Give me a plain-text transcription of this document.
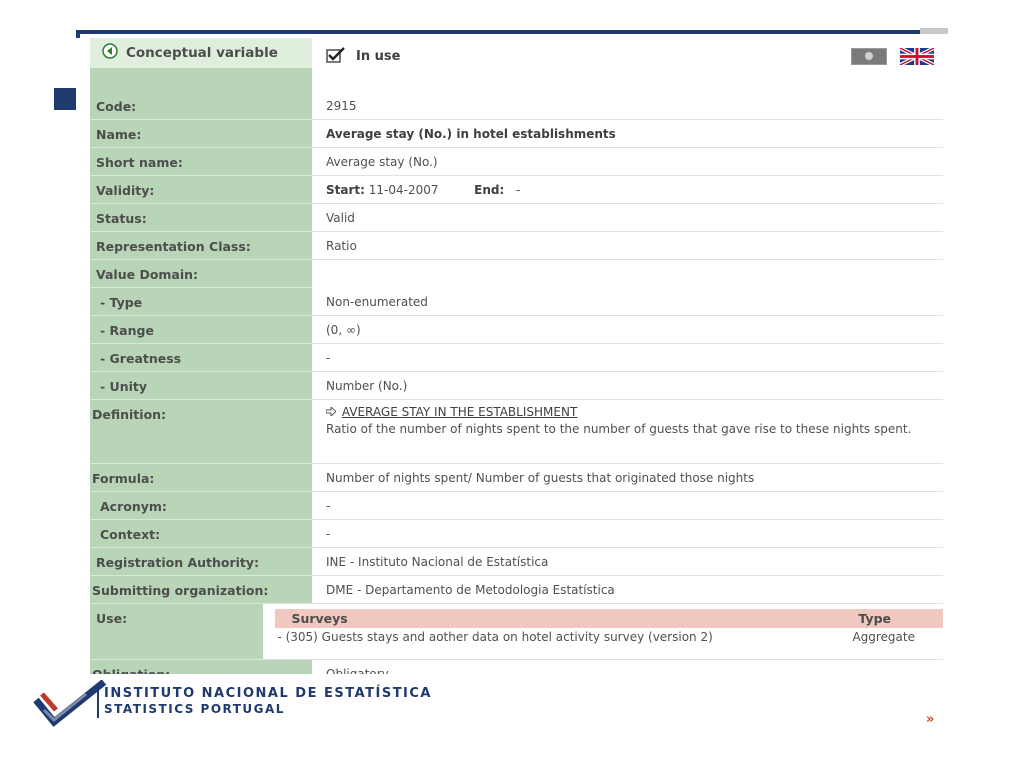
Conceptual variable	In use
Code:	2915
Name:	Average stay (No.) in hotel establishments
Short name:	Average stay (No.)
Validity:	Start: 11-04-2007	End: -
Status:	Valid
Representation Class:	Ratio
Value Domain:
- Type	Non-enumerated
- Range	(0, ∞)
- Greatness	-
- Unity	Number (No.)
Definition:	AVERAGE STAY IN THE ESTABLISHMENT
Ratio of the number of nights spent to the number of guests that gave rise to these nights spent.
Formula:	Number of nights spent/ Number of guests that originated those nights
Acronym:	-
Context:	-
Registration Authority:	INE - Instituto Nacional de Estatística
Submitting organization:	DME - Departamento de Metodologia Estatística
Use:	Surveys	Type
- (305) Guests stays and aother data on hotel activity survey (version 2)	Aggregate
INSTITUTO NACIONAL DE ESTATÍSTICA
STATISTICS PORTUGAL
»
